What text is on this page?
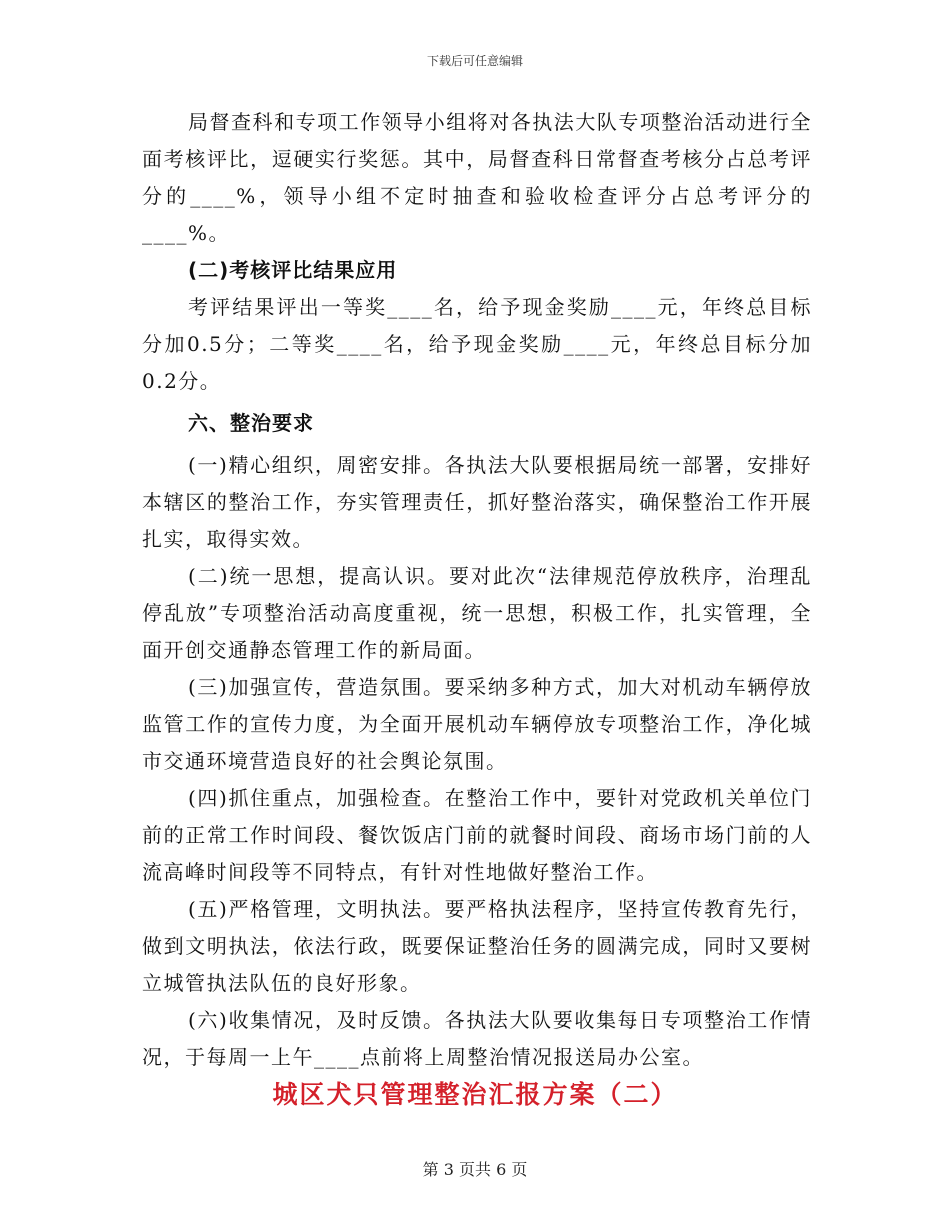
下载后可任意编辑

局督查科和专项工作领导小组将对各执法大队专项整治活动进行全面考核评比，逗硬实行奖惩。其中，局督查科日常督查考核分占总考评分的____%，领导小组不定时抽查和验收检查评分占总考评分的____%。

(二)考核评比结果应用

考评结果评出一等奖____名，给予现金奖励____元，年终总目标分加0.5分；二等奖____名，给予现金奖励____元，年终总目标分加0.2分。

六、整治要求

(一)精心组织，周密安排。各执法大队要根据局统一部署，安排好本辖区的整治工作，夯实管理责任，抓好整治落实，确保整治工作开展扎实，取得实效。

(二)统一思想，提高认识。要对此次“法律规范停放秩序，治理乱停乱放”专项整治活动高度重视，统一思想，积极工作，扎实管理，全面开创交通静态管理工作的新局面。

(三)加强宣传，营造氛围。要采纳多种方式，加大对机动车辆停放监管工作的宣传力度，为全面开展机动车辆停放专项整治工作，净化城市交通环境营造良好的社会舆论氛围。

(四)抓住重点，加强检查。在整治工作中，要针对党政机关单位门前的正常工作时间段、餐饮饭店门前的就餐时间段、商场市场门前的人流高峰时间段等不同特点，有针对性地做好整治工作。

(五)严格管理，文明执法。要严格执法程序，坚持宣传教育先行，做到文明执法，依法行政，既要保证整治任务的圆满完成，同时又要树立城管执法队伍的良好形象。

(六)收集情况，及时反馈。各执法大队要收集每日专项整治工作情况，于每周一上午____点前将上周整治情况报送局办公室。

城区犬只管理整治汇报方案（二）
第 3 页共 6 页
